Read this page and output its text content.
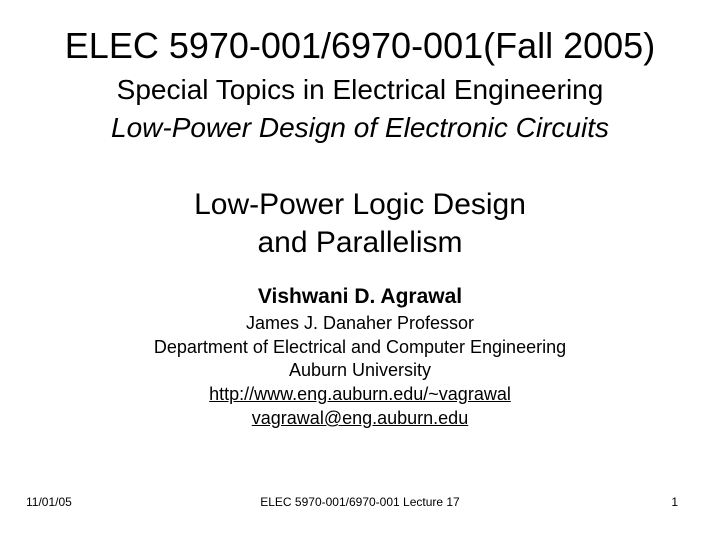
ELEC 5970-001/6970-001(Fall 2005)
Special Topics in Electrical Engineering
Low-Power Design of Electronic Circuits
Low-Power Logic Design
and Parallelism
Vishwani D. Agrawal
James J. Danaher Professor
Department of Electrical and Computer Engineering
Auburn University
http://www.eng.auburn.edu/~vagrawal
vagrawal@eng.auburn.edu
11/01/05	ELEC 5970-001/6970-001 Lecture 17	1
